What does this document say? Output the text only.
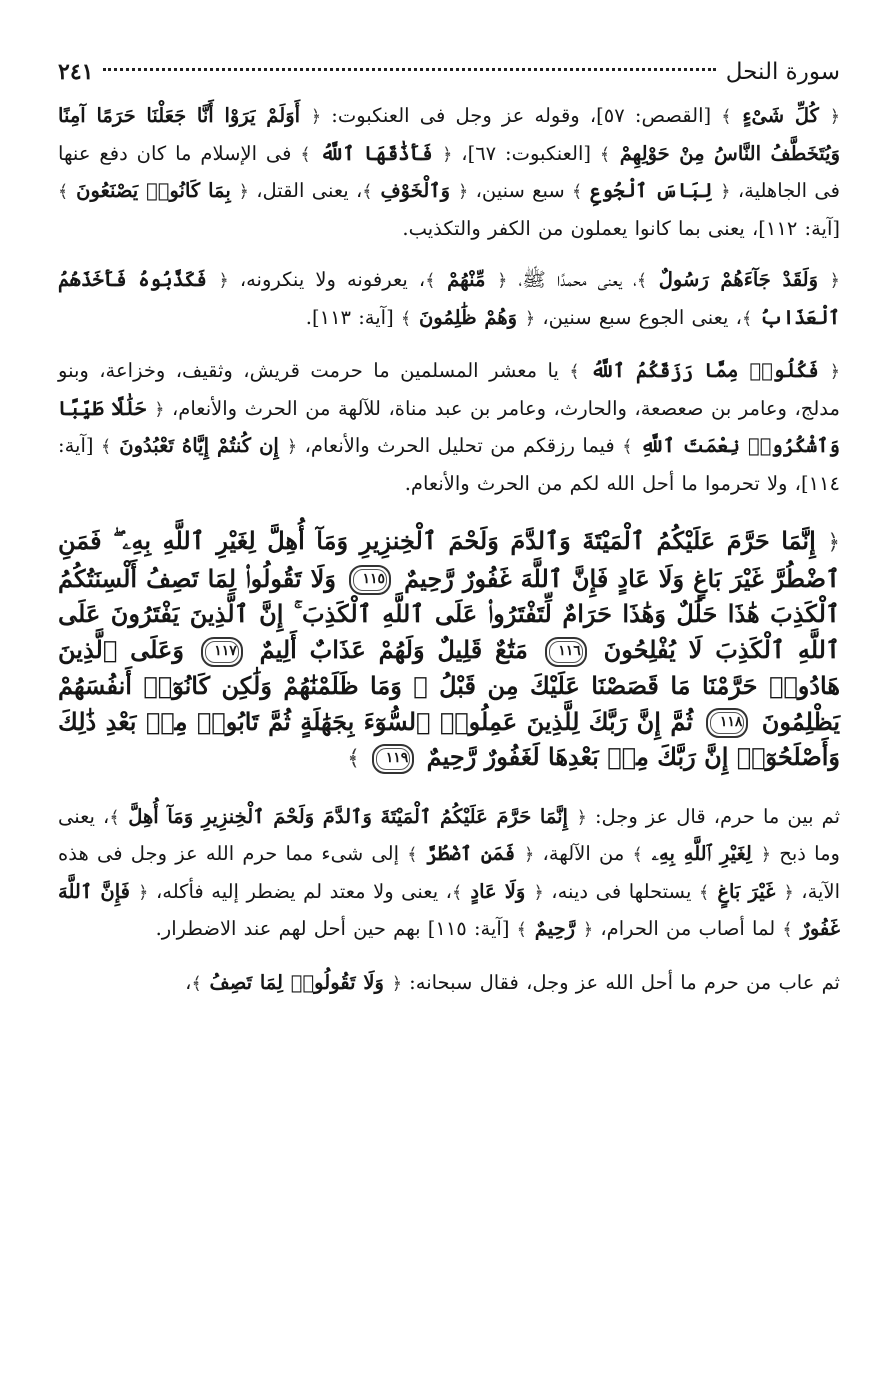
سورة النحل
٢٤١

﴿ كُلِّ شَىْءٍ ﴾ [القصص: ٥٧]، وقوله عز وجل فى العنكبوت: ﴿ أَوَلَمْ يَرَوْا أَنَّا جَعَلْنَا حَرَمًا آمِنًا وَيُتَخَطَّفُ النَّاسُ مِنْ حَوْلِهِمْ ﴾ [العنكبوت: ٦٧]، ﴿ فَأَذَٰقَهَا ٱللَّهُ ﴾ فى الإسلام ما كان دفع عنها فى الجاهلية، ﴿ لِبَاسَ ٱلْجُوعِ ﴾ سبع سنين، ﴿ وَٱلْخَوْفِ ﴾، يعنى القتل، ﴿ بِمَا كَانُوا۟ يَصْنَعُونَ ﴾ [آية: ١١٢]، يعنى بما كانوا يعملون من الكفر والتكذيب.

﴿ وَلَقَدْ جَآءَهُمْ رَسُولٌ ﴾، يعنى محمدًا ﷺ، ﴿ مِّنْهُمْ ﴾، يعرفونه ولا ينكرونه، ﴿ فَكَذَّبُوهُ فَأَخَذَهُمُ ٱلْعَذَابُ ﴾، يعنى الجوع سبع سنين، ﴿ وَهُمْ ظَٰلِمُونَ ﴾ [آية: ١١٣].

﴿ فَكُلُوا۟ مِمَّا رَزَقَكُمُ ٱللَّهُ ﴾ يا معشر المسلمين ما حرمت قريش، وثقيف، وخزاعة، وبنو مدلج، وعامر بن صعصعة، والحارث، وعامر بن عبد مناة، للآلهة من الحرث والأنعام، ﴿ حَلَٰلًا طَيِّبًا وَٱشْكُرُوا۟ نِعْمَتَ ٱللَّهِ ﴾ فيما رزقكم من تحليل الحرث والأنعام، ﴿ إِن كُنتُمْ إِيَّاهُ تَعْبُدُونَ ﴾ [آية: ١١٤]، ولا تحرموا ما أحل الله لكم من الحرث والأنعام.

﴿ إِنَّمَا حَرَّمَ عَلَيْكُمُ ٱلْمَيْتَةَ وَٱلدَّمَ وَلَحْمَ ٱلْخِنزِيرِ وَمَآ أُهِلَّ لِغَيْرِ ٱللَّهِ بِهِۦ ۖ فَمَنِ ٱضْطُرَّ غَيْرَ بَاغٍ وَلَا عَادٍ فَإِنَّ ٱللَّهَ غَفُورٌ رَّحِيمٌ ١١٥ وَلَا تَقُولُوا۟ لِمَا تَصِفُ أَلْسِنَتُكُمُ ٱلْكَذِبَ هَٰذَا حَلَٰلٌ وَهَٰذَا حَرَامٌ لِّتَفْتَرُوا۟ عَلَى ٱللَّهِ ٱلْكَذِبَ ۚ إِنَّ ٱلَّذِينَ يَفْتَرُونَ عَلَى ٱللَّهِ ٱلْكَذِبَ لَا يُفْلِحُونَ ١١٦ مَتَٰعٌ قَلِيلٌ وَلَهُمْ عَذَابٌ أَلِيمٌ ١١٧ وَعَلَى ٱلَّذِينَ هَادُوا۟ حَرَّمْنَا مَا قَصَصْنَا عَلَيْكَ مِن قَبْلُ ۖ وَمَا ظَلَمْنَٰهُمْ وَلَٰكِن كَانُوٓا۟ أَنفُسَهُمْ يَظْلِمُونَ ١١٨ ثُمَّ إِنَّ رَبَّكَ لِلَّذِينَ عَمِلُوا۟ ٱلسُّوٓءَ بِجَهَٰلَةٍ ثُمَّ تَابُوا۟ مِنۢ بَعْدِ ذَٰلِكَ وَأَصْلَحُوٓا۟ إِنَّ رَبَّكَ مِنۢ بَعْدِهَا لَغَفُورٌ رَّحِيمٌ ١١٩ ﴾

ثم بين ما حرم، قال عز وجل: ﴿ إِنَّمَا حَرَّمَ عَلَيْكُمُ ٱلْمَيْتَةَ وَٱلدَّمَ وَلَحْمَ ٱلْخِنزِيرِ وَمَآ أُهِلَّ ﴾، يعنى وما ذبح ﴿ لِغَيْرِ ٱللَّهِ بِهِۦ ﴾ من الآلهة، ﴿ فَمَنِ ٱضْطُرَّ ﴾ إلى شىء مما حرم الله عز وجل فى هذه الآية، ﴿ غَيْرَ بَاغٍ ﴾ يستحلها فى دينه، ﴿ وَلَا عَادٍ ﴾، يعنى ولا معتد لم يضطر إليه فأكله، ﴿ فَإِنَّ ٱللَّهَ غَفُورٌ ﴾ لما أصاب من الحرام، ﴿ رَّحِيمٌ ﴾ [آية: ١١٥] بهم حين أحل لهم عند الاضطرار.

ثم عاب من حرم ما أحل الله عز وجل، فقال سبحانه: ﴿ وَلَا تَقُولُوا۟ لِمَا تَصِفُ ﴾،
